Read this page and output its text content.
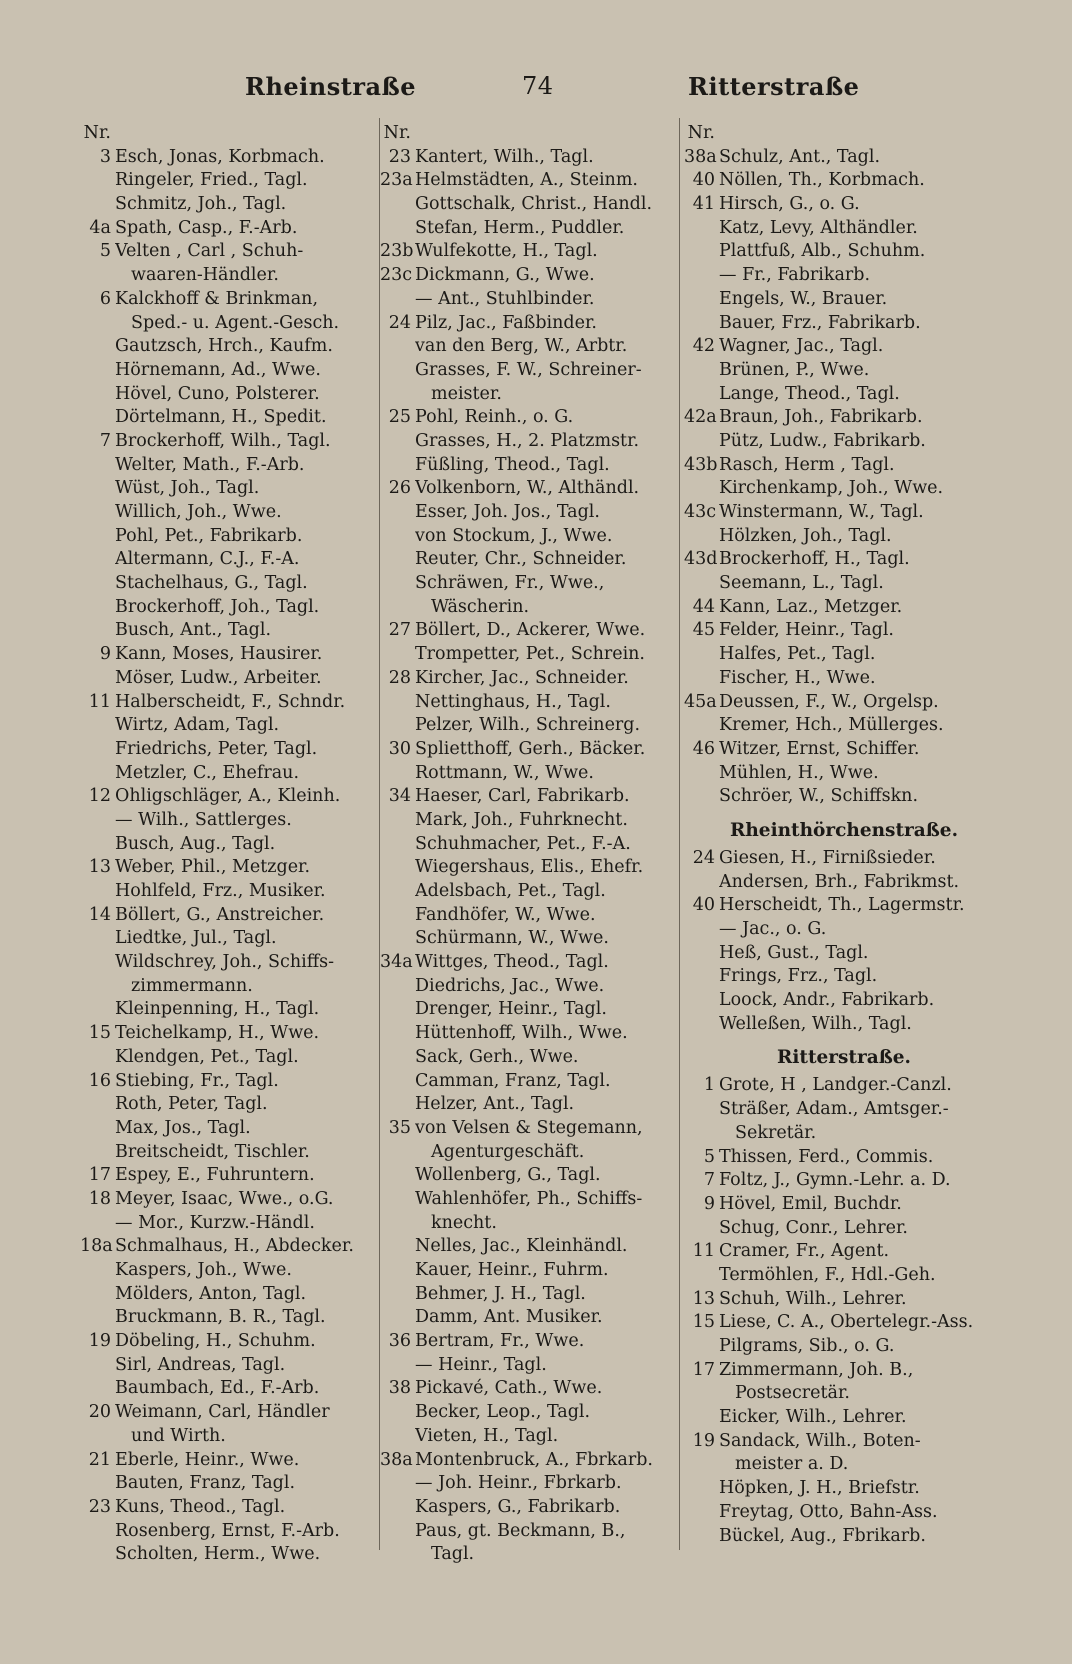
Rheinstraße	74	Ritterstraße
Nr.
3 Esch, Jonas, Korbmach.
Ringeler, Fried., Tagl.
Schmitz, Joh., Tagl.
4a Spath, Casp., F.-Arb.
5 Velten , Carl , Schuh-
waaren-Händler.
6 Kalckhoff & Brinkman,
Sped.- u. Agent.-Gesch.
Gautzsch, Hrch., Kaufm.
Hörnemann, Ad., Wwe.
Hövel, Cuno, Polsterer.
Dörtelmann, H., Spedit.
7 Brockerhoff, Wilh., Tagl.
Welter, Math., F.-Arb.
Wüst, Joh., Tagl.
Willich, Joh., Wwe.
Pohl, Pet., Fabrikarb.
Altermann, C.J., F.-A.
Stachelhaus, G., Tagl.
Brockerhoff, Joh., Tagl.
Busch, Ant., Tagl.
9 Kann, Moses, Hausirer.
Möser, Ludw., Arbeiter.
11 Halberscheidt, F., Schndr.
Wirtz, Adam, Tagl.
Friedrichs, Peter, Tagl.
Metzler, C., Ehefrau.
12 Ohligschläger, A., Kleinh.
— Wilh., Sattlerges.
Busch, Aug., Tagl.
13 Weber, Phil., Metzger.
Hohlfeld, Frz., Musiker.
14 Böllert, G., Anstreicher.
Liedtke, Jul., Tagl.
Wildschrey, Joh., Schiffs-
zimmermann.
Kleinpenning, H., Tagl.
15 Teichelkamp, H., Wwe.
Klendgen, Pet., Tagl.
16 Stiebing, Fr., Tagl.
Roth, Peter, Tagl.
Max, Jos., Tagl.
Breitscheidt, Tischler.
17 Espey, E., Fuhruntern.
18 Meyer, Isaac, Wwe., o.G.
— Mor., Kurzw.-Händl.
18a Schmalhaus, H., Abdecker.
Kaspers, Joh., Wwe.
Mölders, Anton, Tagl.
Bruckmann, B. R., Tagl.
19 Döbeling, H., Schuhm.
Sirl, Andreas, Tagl.
Baumbach, Ed., F.-Arb.
20 Weimann, Carl, Händler
und Wirth.
21 Eberle, Heinr., Wwe.
Bauten, Franz, Tagl.
23 Kuns, Theod., Tagl.
Rosenberg, Ernst, F.-Arb.
Scholten, Herm., Wwe.
Nr.
23 Kantert, Wilh., Tagl.
23a Helmstädten, A., Steinm.
Gottschalk, Christ., Handl.
Stefan, Herm., Puddler.
23b Wulfekotte, H., Tagl.
23c Dickmann, G., Wwe.
— Ant., Stuhlbinder.
24 Pilz, Jac., Faßbinder.
van den Berg, W., Arbtr.
Grasses, F. W., Schreiner-
meister.
25 Pohl, Reinh., o. G.
Grasses, H., 2. Platzmstr.
Füßling, Theod., Tagl.
26 Volkenborn, W., Althändl.
Esser, Joh. Jos., Tagl.
von Stockum, J., Wwe.
Reuter, Chr., Schneider.
Schräwen, Fr., Wwe.,
Wäscherin.
27 Böllert, D., Ackerer, Wwe.
Trompetter, Pet., Schrein.
28 Kircher, Jac., Schneider.
Nettinghaus, H., Tagl.
Pelzer, Wilh., Schreinerg.
30 Splietthoff, Gerh., Bäcker.
Rottmann, W., Wwe.
34 Haeser, Carl, Fabrikarb.
Mark, Joh., Fuhrknecht.
Schuhmacher, Pet., F.-A.
Wiegershaus, Elis., Ehefr.
Adelsbach, Pet., Tagl.
Fandhöfer, W., Wwe.
Schürmann, W., Wwe.
34a Wittges, Theod., Tagl.
Diedrichs, Jac., Wwe.
Drenger, Heinr., Tagl.
Hüttenhoff, Wilh., Wwe.
Sack, Gerh., Wwe.
Camman, Franz, Tagl.
Helzer, Ant., Tagl.
35 von Velsen & Stegemann,
Agenturgeschäft.
Wollenberg, G., Tagl.
Wahlenhöfer, Ph., Schiffs-
knecht.
Nelles, Jac., Kleinhändl.
Kauer, Heinr., Fuhrm.
Behmer, J. H., Tagl.
Damm, Ant. Musiker.
36 Bertram, Fr., Wwe.
— Heinr., Tagl.
38 Pickavé, Cath., Wwe.
Becker, Leop., Tagl.
Vieten, H., Tagl.
38a Montenbruck, A., Fbrkarb.
— Joh. Heinr., Fbrkarb.
Kaspers, G., Fabrikarb.
Paus, gt. Beckmann, B.,
Tagl.
Nr.
38a Schulz, Ant., Tagl.
40 Nöllen, Th., Korbmach.
41 Hirsch, G., o. G.
Katz, Levy, Althändler.
Plattfuß, Alb., Schuhm.
— Fr., Fabrikarb.
Engels, W., Brauer.
Bauer, Frz., Fabrikarb.
42 Wagner, Jac., Tagl.
Brünen, P., Wwe.
Lange, Theod., Tagl.
42a Braun, Joh., Fabrikarb.
Pütz, Ludw., Fabrikarb.
43b Rasch, Herm , Tagl.
Kirchenkamp, Joh., Wwe.
43c Winstermann, W., Tagl.
Hölzken, Joh., Tagl.
43d Brockerhoff, H., Tagl.
Seemann, L., Tagl.
44 Kann, Laz., Metzger.
45 Felder, Heinr., Tagl.
Halfes, Pet., Tagl.
Fischer, H., Wwe.
45a Deussen, F., W., Orgelsp.
Kremer, Hch., Müllerges.
46 Witzer, Ernst, Schiffer.
Mühlen, H., Wwe.
Schröer, W., Schiffskn.
Rheinthörchenstraße.
24 Giesen, H., Firnißsieder.
Andersen, Brh., Fabrikmst.
40 Herscheidt, Th., Lagermstr.
— Jac., o. G.
Heß, Gust., Tagl.
Frings, Frz., Tagl.
Loock, Andr., Fabrikarb.
Welleßen, Wilh., Tagl.
Ritterstraße.
1 Grote, H , Landger.-Canzl.
Sträßer, Adam., Amtsger.-
Sekretär.
5 Thissen, Ferd., Commis.
7 Foltz, J., Gymn.-Lehr. a. D.
9 Hövel, Emil, Buchdr.
Schug, Conr., Lehrer.
11 Cramer, Fr., Agent.
Termöhlen, F., Hdl.-Geh.
13 Schuh, Wilh., Lehrer.
15 Liese, C. A., Obertelegr.-Ass.
Pilgrams, Sib., o. G.
17 Zimmermann, Joh. B.,
Postsecretär.
Eicker, Wilh., Lehrer.
19 Sandack, Wilh., Boten-
meister a. D.
Höpken, J. H., Briefstr.
Freytag, Otto, Bahn-Ass.
Bückel, Aug., Fbrikarb.
